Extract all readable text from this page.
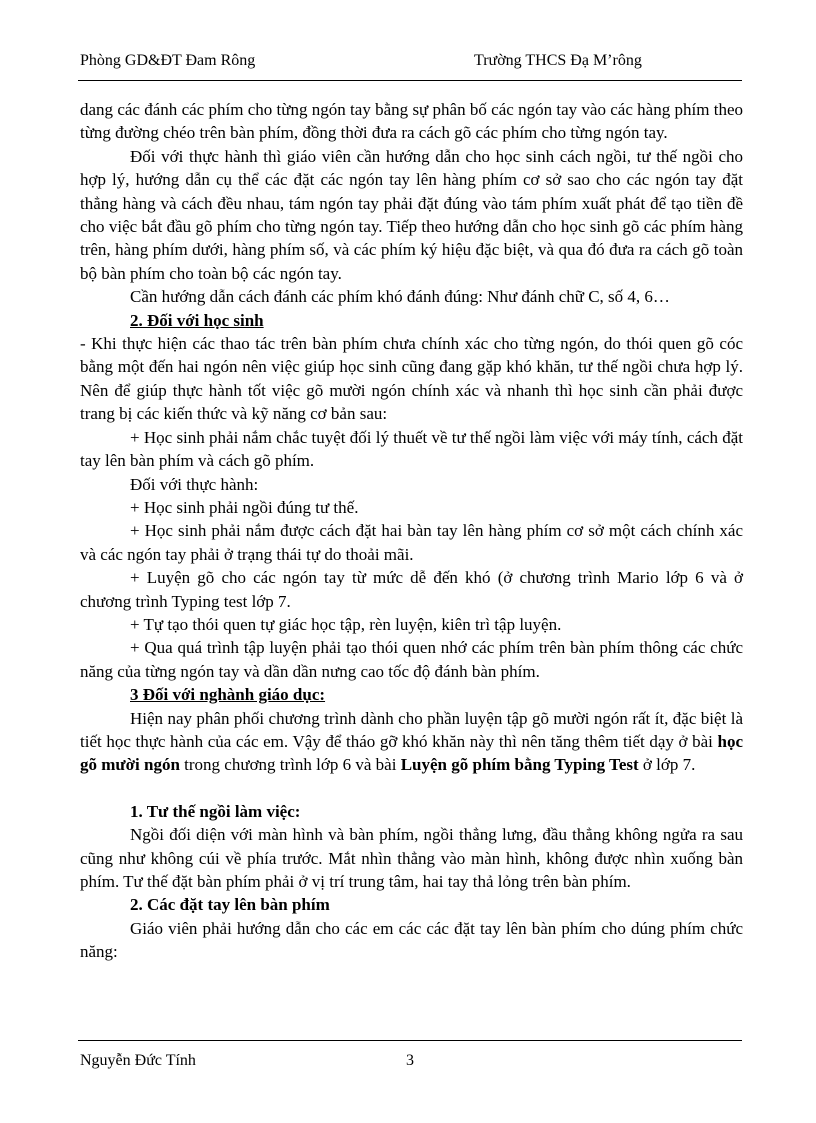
Phòng GD&ĐT Đam Rông	Trường THCS Đạ M’rông

dang các đánh các phím cho từng ngón tay bằng sự phân bố các ngón tay vào các hàng phím theo từng đường chéo trên bàn phím, đồng thời đưa ra cách gõ các phím cho từng ngón tay.

Đối với thực hành thì giáo viên cần hướng dẫn cho học sinh cách ngồi, tư thế ngồi cho hợp lý, hướng dẫn cụ thể các đặt các ngón tay lên hàng phím cơ sở sao cho các ngón tay đặt thẳng hàng và cách đều nhau, tám ngón tay phải đặt đúng vào tám phím xuất phát để tạo tiền đề cho việc bắt đầu gõ phím cho từng ngón tay. Tiếp theo hướng dẫn cho học sinh gõ các phím hàng trên, hàng phím dưới, hàng phím số, và các phím ký hiệu đặc biệt, và qua đó đưa ra cách gõ toàn bộ bàn phím cho toàn bộ các ngón tay.

Cần hướng dẫn cách đánh các phím khó đánh đúng: Như đánh chữ C, số 4, 6…

2. Đối với học sinh

- Khi thực hiện các thao tác trên bàn phím chưa chính xác cho từng ngón, do thói quen gõ cóc bằng một đến hai ngón nên việc giúp học sinh cũng đang gặp khó khăn, tư thế ngồi chưa hợp lý. Nên để giúp thực hành tốt việc gõ mười ngón chính xác và nhanh thì học sinh cần phải được trang bị các kiến thức và kỹ năng cơ bản sau:

+ Học sinh phải nắm chắc tuyệt đối lý thuết về tư thế ngồi làm việc với máy tính, cách đặt tay lên bàn phím và cách gõ phím.

Đối với thực hành:

+ Học sinh phải ngồi đúng tư thế.

+ Học sinh phải nắm được cách đặt hai bàn tay lên hàng phím cơ sở một cách chính xác và các ngón tay phải ở trạng thái tự do thoải mãi.

+ Luyện gõ cho các ngón tay từ mức dễ đến khó (ở chương trình Mario lớp 6 và ở chương trình Typing test lớp 7.

+ Tự tạo thói quen tự giác học tập, rèn luyện, kiên trì tập luyện.

+ Qua quá trình tập luyện phải tạo thói quen nhớ các phím trên bàn phím thông các chức năng của từng ngón tay và dần dần nưng cao tốc độ đánh bàn phím.

3 Đối với nghành giáo dục:

Hiện nay phân phối chương trình dành cho phần luyện tập gõ mười ngón rất ít, đặc biệt là tiết học thực hành của các em. Vậy để tháo gỡ khó khăn này thì nên tăng thêm tiết dạy ở bài học gõ mười ngón trong chương trình lớp 6 và bài Luyện gõ phím bằng Typing Test ở lớp 7.

1. Tư thế ngồi làm việc:

Ngồi đối diện với màn hình và bàn phím, ngồi thẳng lưng, đầu thẳng không ngửa ra sau cũng như không cúi về phía trước. Mắt nhìn thẳng vào màn hình, không được nhìn xuống bàn phím. Tư thế đặt bàn phím phải ở vị trí trung tâm, hai tay thả lỏng trên bàn phím.

2. Các đặt tay lên bàn phím

Giáo viên phải hướng dẫn cho các em các các đặt tay lên bàn phím cho dúng phím chức năng:

Nguyễn Đức Tính	3
